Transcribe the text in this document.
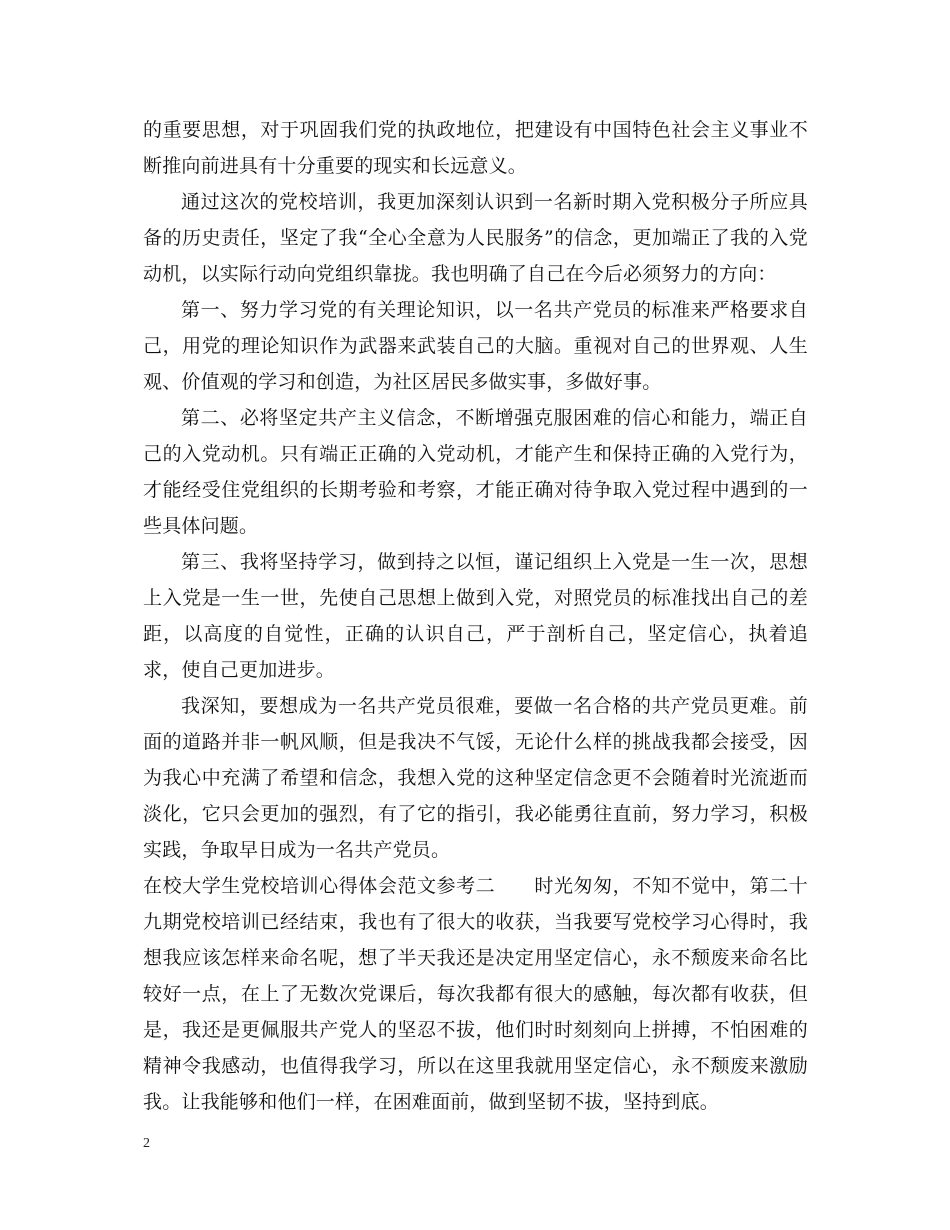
的重要思想，对于巩固我们党的执政地位，把建设有中国特色社会主义事业不断推向前进具有十分重要的现实和长远意义。

通过这次的党校培训，我更加深刻认识到一名新时期入党积极分子所应具备的历史责任，坚定了我“全心全意为人民服务”的信念，更加端正了我的入党动机，以实际行动向党组织靠拢。我也明确了自己在今后必须努力的方向：

第一、努力学习党的有关理论知识，以一名共产党员的标准来严格要求自己，用党的理论知识作为武器来武装自己的大脑。重视对自己的世界观、人生观、价值观的学习和创造，为社区居民多做实事，多做好事。

第二、必将坚定共产主义信念，不断增强克服困难的信心和能力，端正自己的入党动机。只有端正正确的入党动机，才能产生和保持正确的入党行为，才能经受住党组织的长期考验和考察，才能正确对待争取入党过程中遇到的一些具体问题。

第三、我将坚持学习，做到持之以恒，谨记组织上入党是一生一次，思想上入党是一生一世，先使自己思想上做到入党，对照党员的标准找出自己的差距，以高度的自觉性，正确的认识自己，严于剖析自己，坚定信心，执着追求，使自己更加进步。

我深知，要想成为一名共产党员很难，要做一名合格的共产党员更难。前面的道路并非一帆风顺，但是我决不气馁，无论什么样的挑战我都会接受，因为我心中充满了希望和信念，我想入党的这种坚定信念更不会随着时光流逝而淡化，它只会更加的强烈，有了它的指引，我必能勇往直前，努力学习，积极实践，争取早日成为一名共产党员。

在校大学生党校培训心得体会范文参考二　　时光匆匆，不知不觉中，第二十九期党校培训已经结束，我也有了很大的收获，当我要写党校学习心得时，我想我应该怎样来命名呢，想了半天我还是决定用坚定信心，永不颓废来命名比较好一点，在上了无数次党课后，每次我都有很大的感触，每次都有收获，但是，我还是更佩服共产党人的坚忍不拔，他们时时刻刻向上拼搏，不怕困难的精神令我感动，也值得我学习，所以在这里我就用坚定信心，永不颓废来激励我。让我能够和他们一样，在困难面前，做到坚韧不拔，坚持到底。

2
